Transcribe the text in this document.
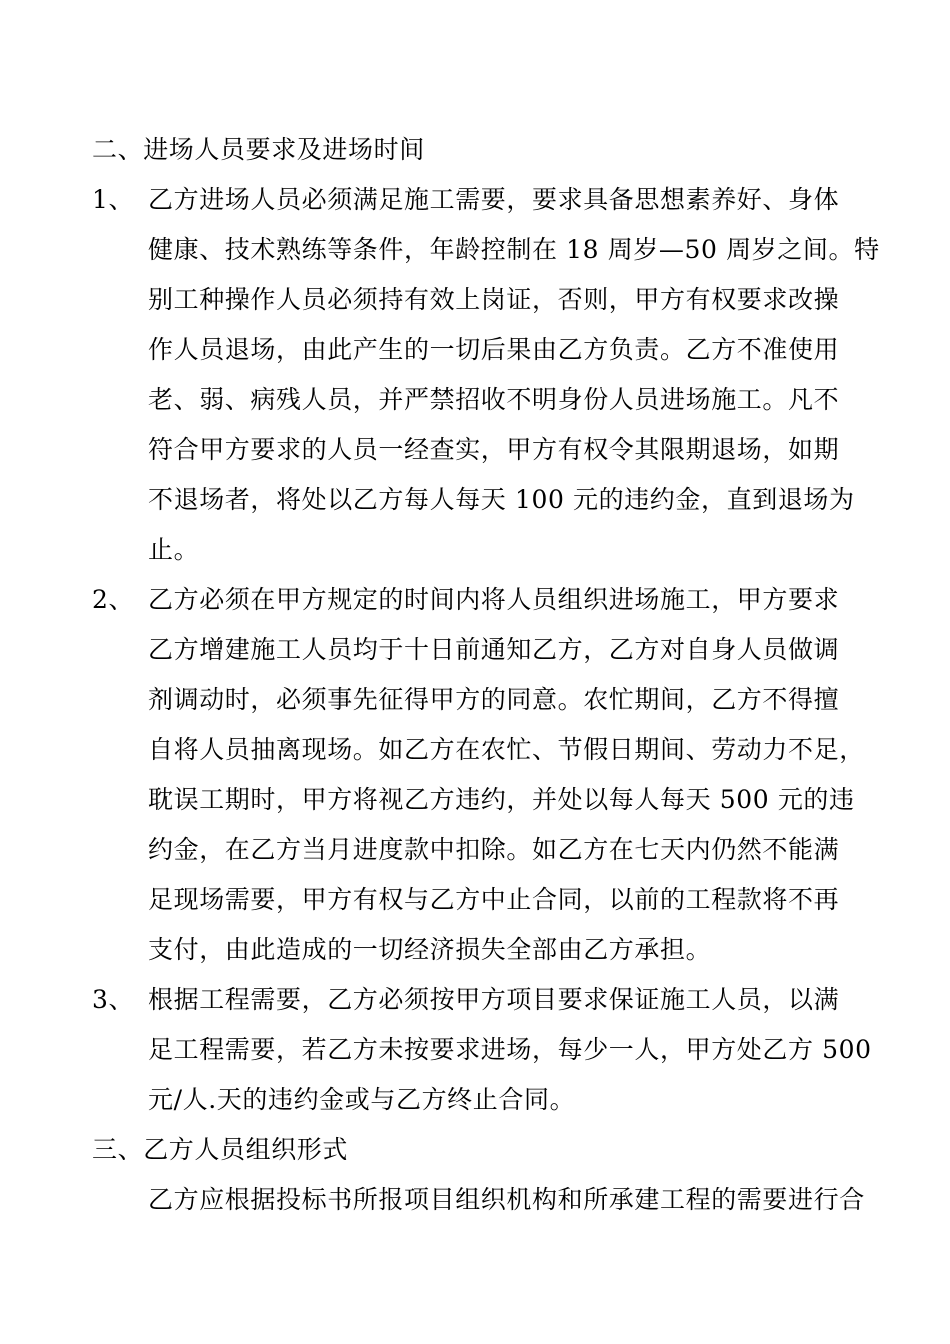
二、进场人员要求及进场时间
1、 乙方进场人员必须满足施工需要，要求具备思想素养好、身体
健康、技术熟练等条件，年龄控制在 18 周岁—50 周岁之间。特
别工种操作人员必须持有效上岗证，否则，甲方有权要求改操
作人员退场，由此产生的一切后果由乙方负责。乙方不准使用
老、弱、病残人员，并严禁招收不明身份人员进场施工。凡不
符合甲方要求的人员一经查实，甲方有权令其限期退场，如期
不退场者，将处以乙方每人每天 100 元的违约金，直到退场为
止。
2、 乙方必须在甲方规定的时间内将人员组织进场施工，甲方要求
乙方增建施工人员均于十日前通知乙方，乙方对自身人员做调
剂调动时，必须事先征得甲方的同意。农忙期间，乙方不得擅
自将人员抽离现场。如乙方在农忙、节假日期间、劳动力不足，
耽误工期时，甲方将视乙方违约，并处以每人每天 500 元的违
约金，在乙方当月进度款中扣除。如乙方在七天内仍然不能满
足现场需要，甲方有权与乙方中止合同，以前的工程款将不再
支付，由此造成的一切经济损失全部由乙方承担。
3、 根据工程需要，乙方必须按甲方项目要求保证施工人员，以满
足工程需要，若乙方未按要求进场，每少一人，甲方处乙方 500
元/人.天的违约金或与乙方终止合同。
三、乙方人员组织形式
乙方应根据投标书所报项目组织机构和所承建工程的需要进行合
